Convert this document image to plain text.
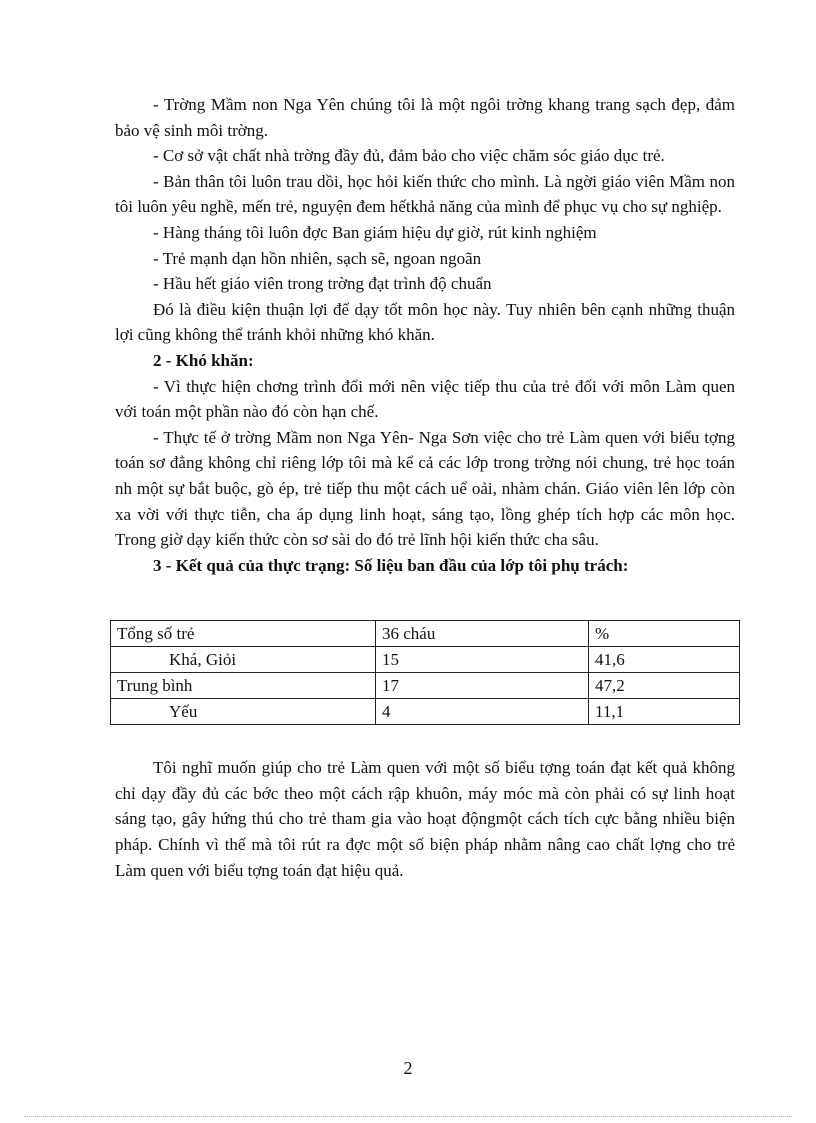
- Trờng Mầm non Nga Yên chúng tôi là một ngôi trờng khang trang sạch đẹp, đảm bảo vệ sinh môi trờng.

- Cơ sở vật chất nhà trờng đầy đủ, đảm bảo cho việc chăm sóc giáo dục trẻ.

- Bản thân tôi luôn trau dồi, học hỏi kiến thức cho mình. Là ngời giáo viên Mầm non tôi luôn yêu nghề, mến trẻ, nguyện đem hếtkhả năng của mình để phục vụ cho sự nghiệp.

- Hàng tháng tôi luôn đợc Ban giám hiệu dự giờ, rút kinh nghiệm

- Trẻ mạnh dạn hồn nhiên, sạch sẽ, ngoan ngoãn

- Hầu hết giáo viên trong trờng đạt trình độ chuẩn

Đó là điều kiện thuận lợi để dạy tốt môn học này. Tuy nhiên bên cạnh những thuận lợi cũng không thể tránh khỏi những khó khăn.

2 - Khó khăn:

- Vì thực hiện chơng trình đổi mới nên việc tiếp thu của trẻ đối với môn Làm quen với toán một phần nào đó còn hạn chế.

- Thực tế ở trờng Mầm non Nga Yên- Nga Sơn việc cho trẻ Làm quen với biểu tợng toán sơ đẳng không chỉ riêng lớp tôi mà kể cả các lớp trong trờng nói chung, trẻ học toán nh một sự bắt buộc, gò ép, trẻ tiếp thu một cách uể oải, nhàm chán. Giáo viên lên lớp còn xa vời với thực tiễn, cha áp dụng linh hoạt, sáng tạo, lồng ghép tích hợp các môn học. Trong giờ dạy kiến thức còn sơ sài do đó trẻ lĩnh hội kiến thức cha sâu.

3 - Kết quả của thực trạng: Số liệu ban đầu của lớp tôi phụ trách:

Tổng số trẻ	36 cháu	%
Khá, Giỏi	15	41,6
Trung bình	17	47,2
Yếu	4	11,1

Tôi nghĩ muốn giúp cho trẻ Làm quen với một số biểu tợng toán đạt kết quả không chỉ dạy đầy đủ các bớc theo một cách rập khuôn, máy móc mà còn phải có sự linh hoạt sáng tạo, gây hứng thú cho trẻ tham gia vào hoạt độngmột cách tích cực bằng nhiều biện pháp. Chính vì thế mà tôi rút ra đợc một số biện pháp nhằm nâng cao chất lợng cho trẻ Làm quen với biểu tợng toán đạt hiệu quả.

2
